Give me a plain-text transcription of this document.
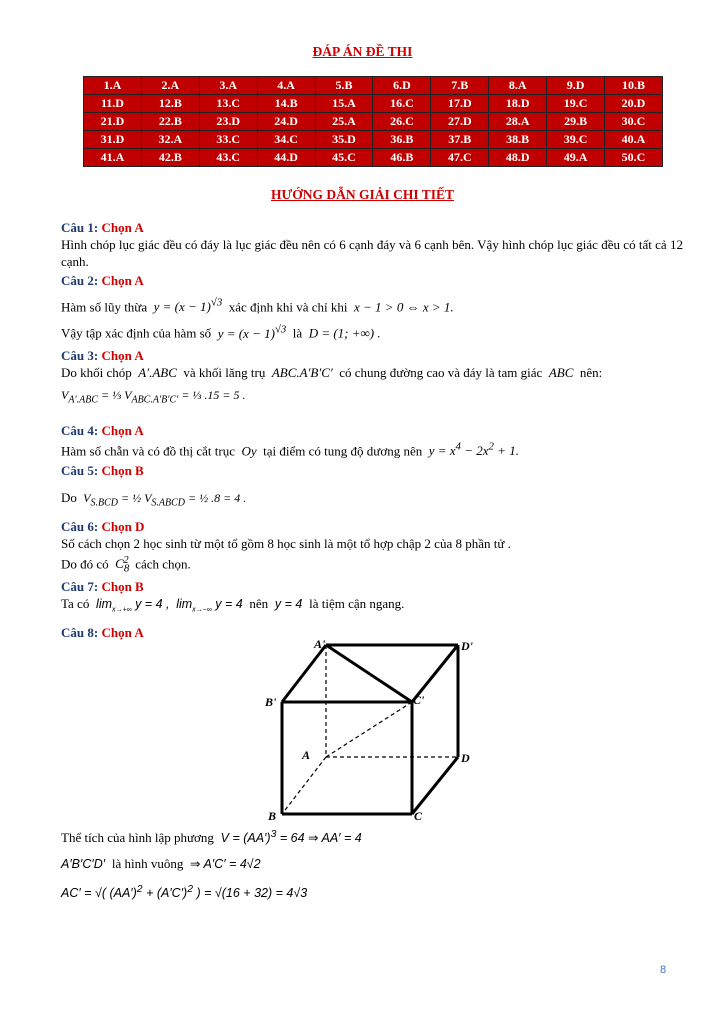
ĐÁP ÁN ĐỀ THI
1.A	2.A	3.A	4.A	5.B	6.D	7.B	8.A	9.D	10.B
11.D	12.B	13.C	14.B	15.A	16.C	17.D	18.D	19.C	20.D
21.D	22.B	23.D	24.D	25.A	26.C	27.D	28.A	29.B	30.C
31.D	32.A	33.C	34.C	35.D	36.B	37.B	38.B	39.C	40.A
41.A	42.B	43.C	44.D	45.C	46.B	47.C	48.D	49.A	50.C
HƯỚNG DẪN GIẢI CHI TIẾT
Câu 1: Chọn A
Hình chóp lục giác đều có đáy là lục giác đều nên có 6 cạnh đáy và 6 cạnh bên. Vậy hình chóp lục giác đều có tất cả 12 cạnh.
Câu 2: Chọn A
Hàm số lũy thừa  $y = (x - 1)^{√3}$ xác định khi và chỉ khi  x − 1 > 0 ⇔ x > 1.
Vậy tập xác định của hàm số  $y = (x - 1)^{√3}$ là  D = (1; +∞) .
Câu 3: Chọn A
Do khối chóp  A′.ABC  và khối lăng trụ  ABC.A′B′C′  có chung đường cao và đáy là tam giác  ABC  nên:
$V_{A'.ABC}$ = ⅓ $V_{ABC.A'B'C'}$ = ⅓ .15 = 5 .
Câu 4: Chọn A
Hàm số chẵn và có đồ thị cắt trục  Oy  tại điểm có tung độ dương nên  $y = x^4 - 2x^2 + 1$.
Câu 5: Chọn B
Do  $V_{S.BCD}$ = ½ $V_{S.ABCD}$ = ½ .8 = 4 .
Câu 6: Chọn D
Số cách chọn 2 học sinh từ một tổ gồm 8 học sinh là một tổ hợp chập 2 của 8 phần tử .
Do đó có  $C_8^2$ cách chọn.
Câu 7: Chọn B
Ta có  $\lim_{x\to+\infty} y = 4$ ,  $\lim_{x\to-\infty} y = 4$  nên  y = 4  là tiệm cận ngang.
Câu 8: Chọn A
A'	D'
B'	C'
A	D
B	C
Thể tích của hình lập phương  $V = (AA')^3 = 64$ ⇒ AA′ = 4
A′B′C′D′  là hình vuông  ⇒ A′C′ = 4√2
AC′ = √( $(AA')^2 + (A'C')^2$ ) = √(16 + 32) = 4√3
8
